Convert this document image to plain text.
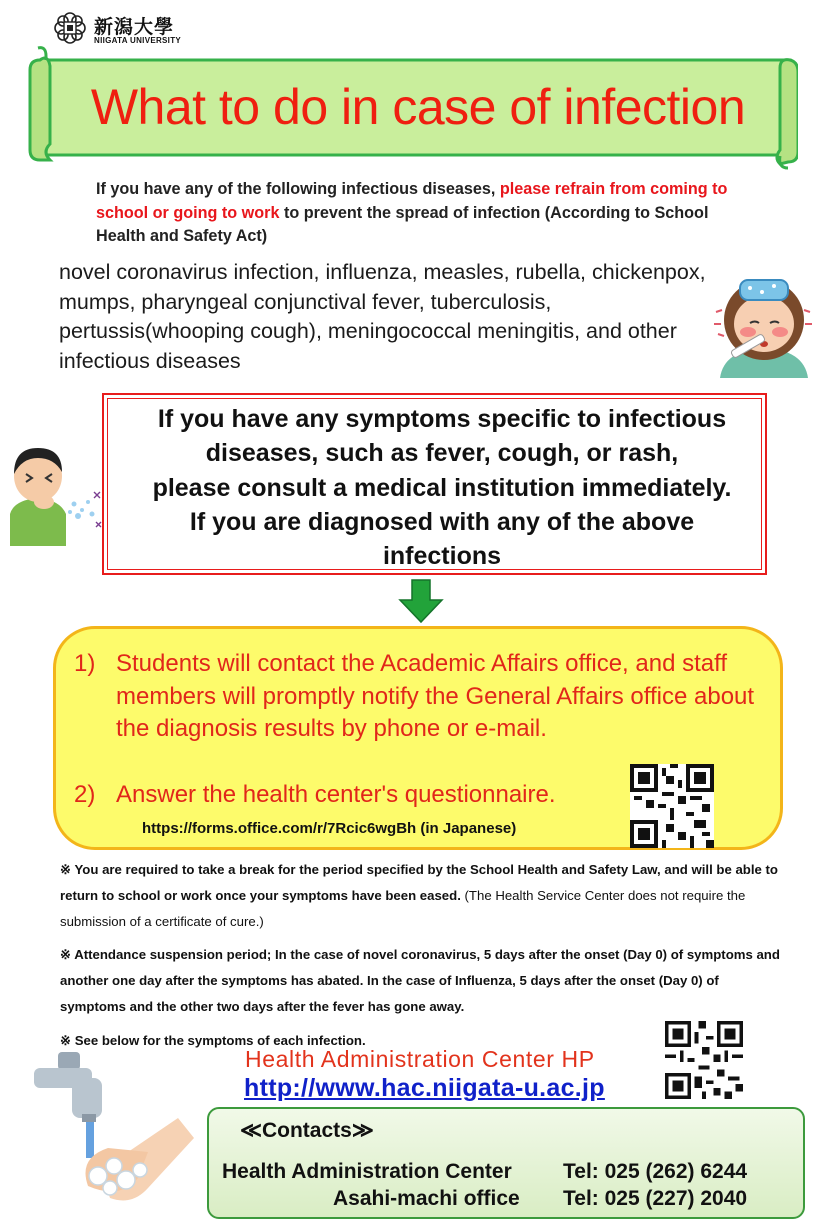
新潟大學
NIIGATA UNIVERSITY
What to do in case of infection
If you have any of the following infectious diseases, please refrain from coming to school or going to work to prevent the spread of infection (According to School Health and Safety Act)
novel coronavirus infection, influenza, measles, rubella, chickenpox, mumps, pharyngeal conjunctival fever, tuberculosis, pertussis(whooping cough), meningococcal meningitis, and other infectious diseases
If you have any symptoms specific to infectious
diseases, such as fever, cough, or rash,
please consult a medical institution immediately.
If you are diagnosed with any of the above
infections
1) Students will contact the Academic Affairs office, and staff members will promptly notify the General Affairs office about the diagnosis results by phone or e-mail.
2) Answer the health center's questionnaire.
https://forms.office.com/r/7Rcic6wgBh (in Japanese)
※ You are required to take a break for the period specified by the School Health and Safety Law, and will be able to return to school or work once your symptoms have been eased. (The Health Service Center does not require the submission of a certificate of cure.)
※ Attendance suspension period; In the case of novel coronavirus, 5 days after the onset (Day 0) of symptoms and another one day after the symptoms has abated. In the case of Influenza, 5 days after the onset (Day 0) of symptoms and the other two days after the fever has gone away.
※ See below for the symptoms of each infection.
Health Administration Center HP
http://www.hac.niigata-u.ac.jp
≪Contacts≫
Health Administration Center Tel: 025 (262) 6244
Asahi-machi office Tel: 025 (227) 2040
